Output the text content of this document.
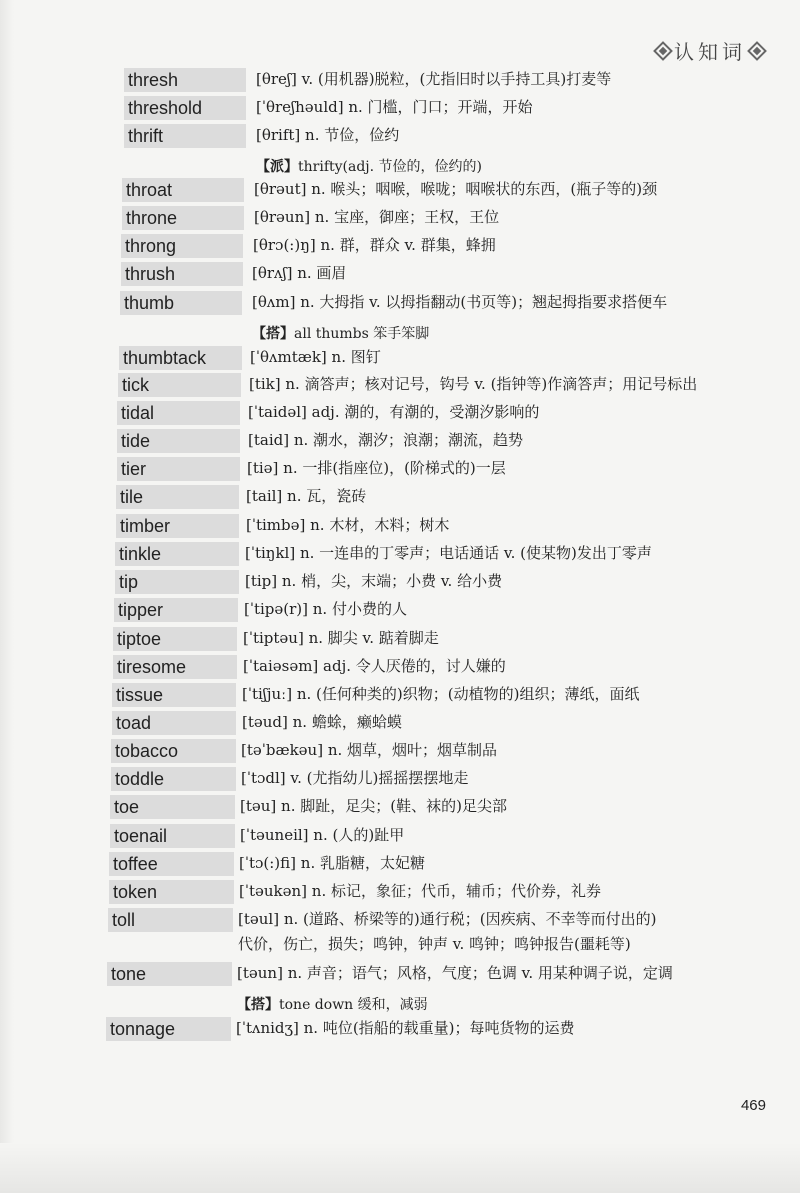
认知词
thresh	[θreʃ] v. (用机器)脱粒，(尤指旧时以手持工具)打麦等
threshold	[ˈθreʃhəuld] n. 门槛，门口；开端，开始
thrift	[θrift] n. 节俭，俭约
【派】thrifty(adj. 节俭的，俭约的)
throat	[θrəut] n. 喉头；咽喉，喉咙；咽喉状的东西，(瓶子等的)颈
throne	[θrəun] n. 宝座，御座；王权，王位
throng	[θrɔ(:)ŋ] n. 群，群众 v. 群集，蜂拥
thrush	[θrʌʃ] n. 画眉
thumb	[θʌm] n. 大拇指 v. 以拇指翻动(书页等)；翘起拇指要求搭便车
【搭】all thumbs 笨手笨脚
thumbtack	[ˈθʌmtæk] n. 图钉
tick	[tik] n. 滴答声；核对记号，钩号 v. (指钟等)作滴答声；用记号标出
tidal	[ˈtaidəl] adj. 潮的，有潮的，受潮汐影响的
tide	[taid] n. 潮水，潮汐；浪潮；潮流，趋势
tier	[tiə] n. 一排(指座位)，(阶梯式的)一层
tile	[tail] n. 瓦，瓷砖
timber	[ˈtimbə] n. 木材，木料；树木
tinkle	[ˈtiŋkl] n. 一连串的丁零声；电话通话 v. (使某物)发出丁零声
tip	[tip] n. 梢，尖，末端；小费 v. 给小费
tipper	[ˈtipə(r)] n. 付小费的人
tiptoe	[ˈtiptəu] n. 脚尖 v. 踮着脚走
tiresome	[ˈtaiəsəm] adj. 令人厌倦的，讨人嫌的
tissue	[ˈtiʃjuː] n. (任何种类的)织物；(动植物的)组织；薄纸，面纸
toad	[təud] n. 蟾蜍，癞蛤蟆
tobacco	[təˈbækəu] n. 烟草，烟叶；烟草制品
toddle	[ˈtɔdl] v. (尤指幼儿)摇摇摆摆地走
toe	[təu] n. 脚趾，足尖；(鞋、袜的)足尖部
toenail	[ˈtəuneil] n. (人的)趾甲
toffee	[ˈtɔ(:)fi] n. 乳脂糖，太妃糖
token	[ˈtəukən] n. 标记，象征；代币，辅币；代价券，礼券
toll	[təul] n. (道路、桥梁等的)通行税；(因疾病、不幸等而付出的)
代价，伤亡，损失；鸣钟，钟声 v. 鸣钟；鸣钟报告(噩耗等)
tone	[təun] n. 声音；语气；风格，气度；色调 v. 用某种调子说，定调
【搭】tone down 缓和，减弱
tonnage	[ˈtʌnidʒ] n. 吨位(指船的载重量)；每吨货物的运费
469
